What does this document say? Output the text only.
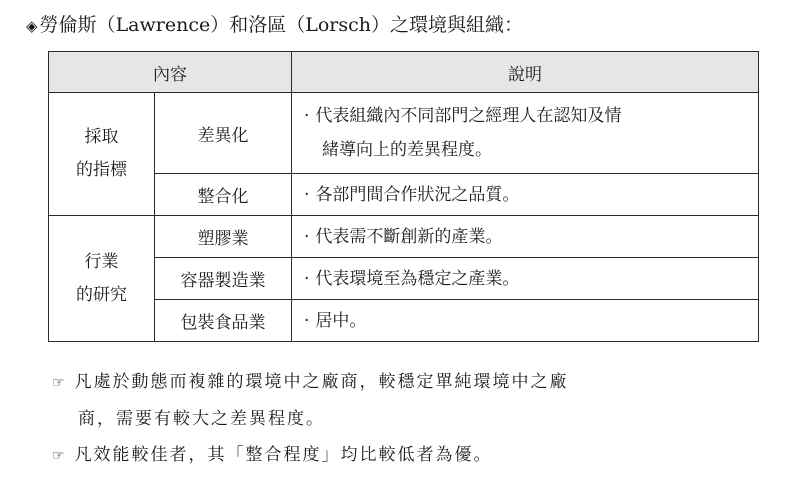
◈ 勞倫斯（Lawrence）和洛區（Lorsch）之環境與組織：
內容		說明
採取
的指標	差異化	· 代表組織內不同部門之經理人在認知及情
緒導向上的差異程度。

	整合化	· 各部門間合作狀況之品質。
行業
的研究	塑膠業	· 代表需不斷創新的產業。
	容器製造業	· 代表環境至為穩定之產業。
	包裝食品業	· 居中。
☞ 凡處於動態而複雜的環境中之廠商，較穩定單純環境中之廠
商，需要有較大之差異程度。
☞ 凡效能較佳者，其「整合程度」均比較低者為優。
